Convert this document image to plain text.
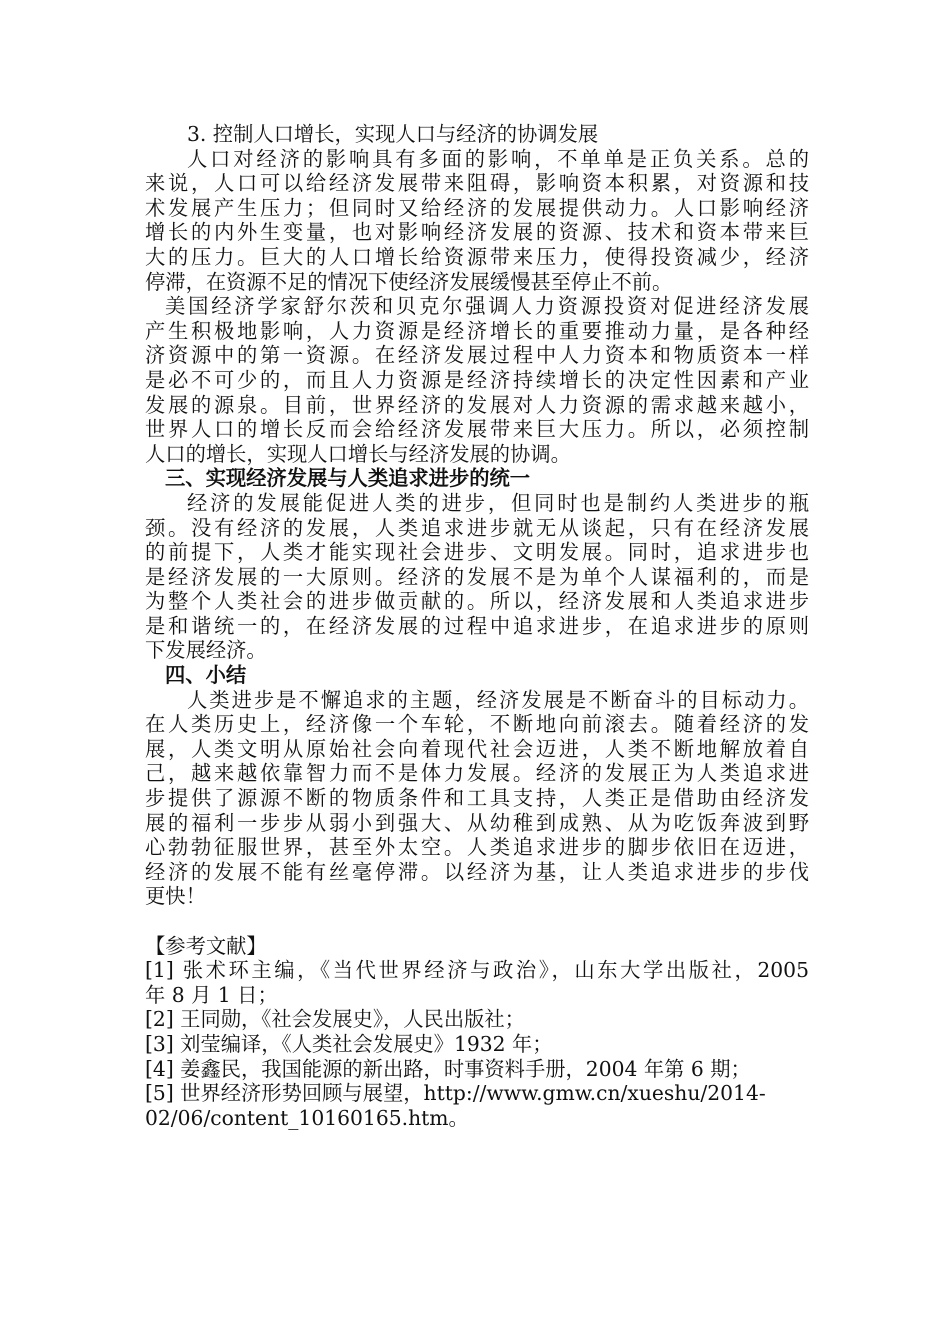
3. 控制人口增长，实现人口与经济的协调发展
人口对经济的影响具有多面的影响，不单单是正负关系。总的
来说，人口可以给经济发展带来阻碍，影响资本积累，对资源和技
术发展产生压力；但同时又给经济的发展提供动力。人口影响经济
增长的内外生变量，也对影响经济发展的资源、技术和资本带来巨
大的压力。巨大的人口增长给资源带来压力，使得投资减少，经济
停滞，在资源不足的情况下使经济发展缓慢甚至停止不前。
美国经济学家舒尔茨和贝克尔强调人力资源投资对促进经济发展
产生积极地影响，人力资源是经济增长的重要推动力量，是各种经
济资源中的第一资源。在经济发展过程中人力资本和物质资本一样
是必不可少的，而且人力资源是经济持续增长的决定性因素和产业
发展的源泉。目前，世界经济的发展对人力资源的需求越来越小，
世界人口的增长反而会给经济发展带来巨大压力。所以，必须控制
人口的增长，实现人口增长与经济发展的协调。
三、实现经济发展与人类追求进步的统一
经济的发展能促进人类的进步，但同时也是制约人类进步的瓶
颈。没有经济的发展，人类追求进步就无从谈起，只有在经济发展
的前提下，人类才能实现社会进步、文明发展。同时，追求进步也
是经济发展的一大原则。经济的发展不是为单个人谋福利的，而是
为整个人类社会的进步做贡献的。所以，经济发展和人类追求进步
是和谐统一的，在经济发展的过程中追求进步，在追求进步的原则
下发展经济。
四、小结
人类进步是不懈追求的主题，经济发展是不断奋斗的目标动力。
在人类历史上，经济像一个车轮，不断地向前滚去。随着经济的发
展，人类文明从原始社会向着现代社会迈进，人类不断地解放着自
己，越来越依靠智力而不是体力发展。经济的发展正为人类追求进
步提供了源源不断的物质条件和工具支持，人类正是借助由经济发
展的福利一步步从弱小到强大、从幼稚到成熟、从为吃饭奔波到野
心勃勃征服世界，甚至外太空。人类追求进步的脚步依旧在迈进，
经济的发展不能有丝毫停滞。以经济为基，让人类追求进步的步伐
更快！
【参考文献】
[1] 张术环主编，《当代世界经济与政治》，山东大学出版社，2005
年 8 月 1 日；
[2] 王同勋，《社会发展史》，人民出版社；
[3] 刘莹编译，《人类社会发展史》1932 年；
[4] 姜鑫民，我国能源的新出路，时事资料手册，2004 年第 6 期；
[5] 世界经济形势回顾与展望，http://www.gmw.cn/xueshu/2014-
02/06/content_10160165.htm。
